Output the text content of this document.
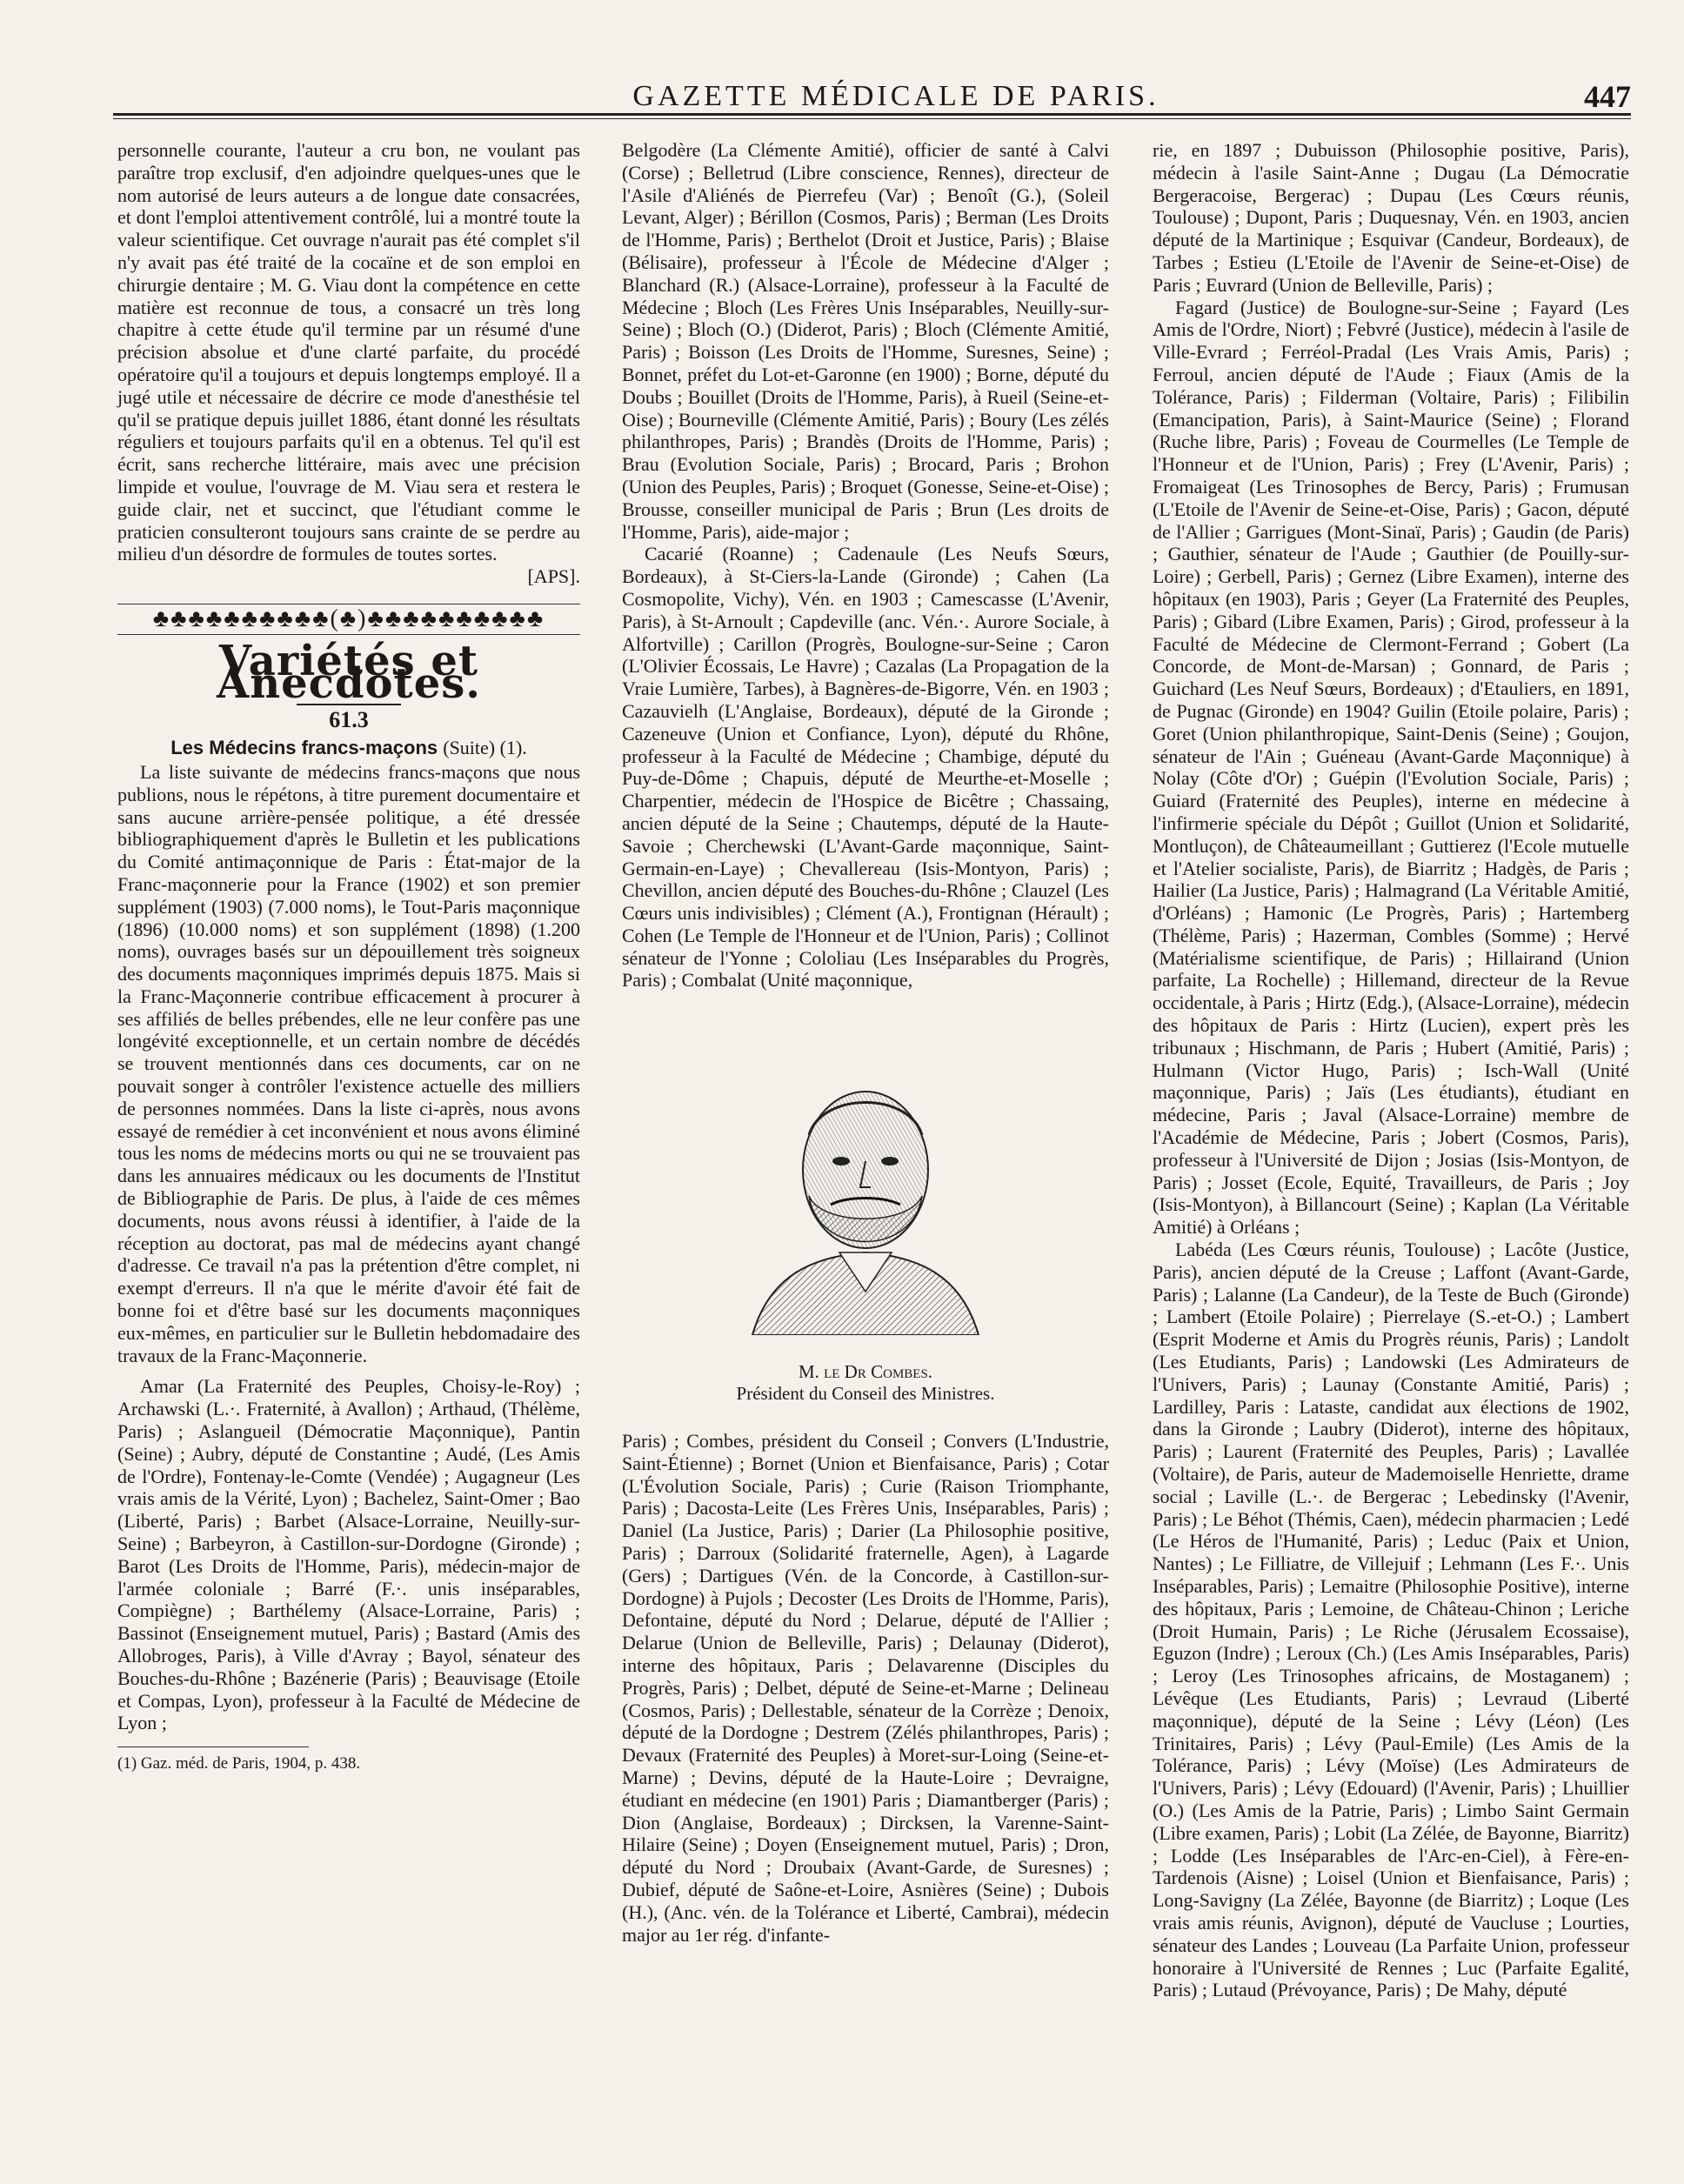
GAZETTE MÉDICALE DE PARIS.	447

personnelle courante, l'auteur a cru bon, ne voulant pas paraître trop exclusif, d'en adjoindre quelques-unes que le nom autorisé de leurs auteurs a de longue date consacrées, et dont l'emploi attentivement contrôlé, lui a montré toute la valeur scientifique. Cet ouvrage n'aurait pas été complet s'il n'y avait pas été traité de la cocaïne et de son emploi en chirurgie dentaire ; M. G. Viau dont la compétence en cette matière est reconnue de tous, a consacré un très long chapitre à cette étude qu'il termine par un résumé d'une précision absolue et d'une clarté parfaite, du procédé opératoire qu'il a toujours et depuis longtemps employé. Il a jugé utile et nécessaire de décrire ce mode d'anesthésie tel qu'il se pratique depuis juillet 1886, étant donné les résultats réguliers et toujours parfaits qu'il en a obtenus. Tel qu'il est écrit, sans recherche littéraire, mais avec une précision limpide et voulue, l'ouvrage de M. Viau sera et restera le guide clair, net et succinct, que l'étudiant comme le praticien consulteront toujours sans crainte de se perdre au milieu d'un désordre de formules de toutes sortes.

[APS].

♣♣♣♣♣♣♣♣♣♣(♣)♣♣♣♣♣♣♣♣♣♣
Variétés et Anecdotes.
61.3
Les Médecins francs-maçons (Suite) (1).

La liste suivante de médecins francs-maçons que nous publions, nous le répétons, à titre purement documentaire et sans aucune arrière-pensée politique, a été dressée bibliographiquement d'après le Bulletin et les publications du Comité antimaçonnique de Paris : État-major de la Franc-maçonnerie pour la France (1902) et son premier supplément (1903) (7.000 noms), le Tout-Paris maçonnique (1896) (10.000 noms) et son supplément (1898) (1.200 noms), ouvrages basés sur un dépouillement très soigneux des documents maçonniques imprimés depuis 1875. Mais si la Franc-Maçonnerie contribue efficacement à procurer à ses affiliés de belles prébendes, elle ne leur confère pas une longévité exceptionnelle, et un certain nombre de décédés se trouvent mentionnés dans ces documents, car on ne pouvait songer à contrôler l'existence actuelle des milliers de personnes nommées. Dans la liste ci-après, nous avons essayé de remédier à cet inconvénient et nous avons éliminé tous les noms de médecins morts ou qui ne se trouvaient pas dans les annuaires médicaux ou les documents de l'Institut de Bibliographie de Paris. De plus, à l'aide de ces mêmes documents, nous avons réussi à identifier, à l'aide de la réception au doctorat, pas mal de médecins ayant changé d'adresse. Ce travail n'a pas la prétention d'être complet, ni exempt d'erreurs. Il n'a que le mérite d'avoir été fait de bonne foi et d'être basé sur les documents maçonniques eux-mêmes, en particulier sur le Bulletin hebdomadaire des travaux de la Franc-Maçonnerie.

Amar (La Fraternité des Peuples, Choisy-le-Roy) ; Archawski (L.·. Fraternité, à Avallon) ; Arthaud, (Thélème, Paris) ; Aslangueil (Démocratie Maçonnique), Pantin (Seine) ; Aubry, député de Constantine ; Audé, (Les Amis de l'Ordre), Fontenay-le-Comte (Vendée) ; Augagneur (Les vrais amis de la Vérité, Lyon) ; Bachelez, Saint-Omer ; Bao (Liberté, Paris) ; Barbet (Alsace-Lorraine, Neuilly-sur-Seine) ; Barbeyron, à Castillon-sur-Dordogne (Gironde) ; Barot (Les Droits de l'Homme, Paris), médecin-major de l'armée coloniale ; Barré (F.·. unis inséparables, Compiègne) ; Barthélemy (Alsace-Lorraine, Paris) ; Bassinot (Enseignement mutuel, Paris) ; Bastard (Amis des Allobroges, Paris), à Ville d'Avray ; Bayol, sénateur des Bouches-du-Rhône ; Bazénerie (Paris) ; Beauvisage (Etoile et Compas, Lyon), professeur à la Faculté de Médecine de Lyon ;

(1) Gaz. méd. de Paris, 1904, p. 438.

Belgodère (La Clémente Amitié), officier de santé à Calvi (Corse) ; Belletrud (Libre conscience, Rennes), directeur de l'Asile d'Aliénés de Pierrefeu (Var) ; Benoît (G.), (Soleil Levant, Alger) ; Bérillon (Cosmos, Paris) ; Berman (Les Droits de l'Homme, Paris) ; Berthelot (Droit et Justice, Paris) ; Blaise (Bélisaire), professeur à l'École de Médecine d'Alger ; Blanchard (R.) (Alsace-Lorraine), professeur à la Faculté de Médecine ; Bloch (Les Frères Unis Inséparables, Neuilly-sur-Seine) ; Bloch (O.) (Diderot, Paris) ; Bloch (Clémente Amitié, Paris) ; Boisson (Les Droits de l'Homme, Suresnes, Seine) ; Bonnet, préfet du Lot-et-Garonne (en 1900) ; Borne, député du Doubs ; Bouillet (Droits de l'Homme, Paris), à Rueil (Seine-et-Oise) ; Bourneville (Clémente Amitié, Paris) ; Boury (Les zélés philanthropes, Paris) ; Brandès (Droits de l'Homme, Paris) ; Brau (Evolution Sociale, Paris) ; Brocard, Paris ; Brohon (Union des Peuples, Paris) ; Broquet (Gonesse, Seine-et-Oise) ; Brousse, conseiller municipal de Paris ; Brun (Les droits de l'Homme, Paris), aide-major ;

Cacarié (Roanne) ; Cadenaule (Les Neufs Sœurs, Bordeaux), à St-Ciers-la-Lande (Gironde) ; Cahen (La Cosmopolite, Vichy), Vén. en 1903 ; Camescasse (L'Avenir, Paris), à St-Arnoult ; Capdeville (anc. Vén.·. Aurore Sociale, à Alfortville) ; Carillon (Progrès, Boulogne-sur-Seine ; Caron (L'Olivier Écossais, Le Havre) ; Cazalas (La Propagation de la Vraie Lumière, Tarbes), à Bagnères-de-Bigorre, Vén. en 1903 ; Cazauvielh (L'Anglaise, Bordeaux), député de la Gironde ; Cazeneuve (Union et Confiance, Lyon), député du Rhône, professeur à la Faculté de Médecine ; Chambige, député du Puy-de-Dôme ; Chapuis, député de Meurthe-et-Moselle ; Charpentier, médecin de l'Hospice de Bicêtre ; Chassaing, ancien député de la Seine ; Chautemps, député de la Haute-Savoie ; Cherchewski (L'Avant-Garde maçonnique, Saint-Germain-en-Laye) ; Chevallereau (Isis-Montyon, Paris) ; Chevillon, ancien député des Bouches-du-Rhône ; Clauzel (Les Cœurs unis indivisibles) ; Clément (A.), Frontignan (Hérault) ; Cohen (Le Temple de l'Honneur et de l'Union, Paris) ; Collinot sénateur de l'Yonne ; Cololiau (Les Inséparables du Progrès, Paris) ; Combalat (Unité maçonnique,

M. le Dr Combes.
Président du Conseil des Ministres.

Paris) ; Combes, président du Conseil ; Convers (L'Industrie, Saint-Étienne) ; Bornet (Union et Bienfaisance, Paris) ; Cotar (L'Évolution Sociale, Paris) ; Curie (Raison Triomphante, Paris) ; Dacosta-Leite (Les Frères Unis, Inséparables, Paris) ; Daniel (La Justice, Paris) ; Darier (La Philosophie positive, Paris) ; Darroux (Solidarité fraternelle, Agen), à Lagarde (Gers) ; Dartigues (Vén. de la Concorde, à Castillon-sur-Dordogne) à Pujols ; Decoster (Les Droits de l'Homme, Paris), Defontaine, député du Nord ; Delarue, député de l'Allier ; Delarue (Union de Belleville, Paris) ; Delaunay (Diderot), interne des hôpitaux, Paris ; Delavarenne (Disciples du Progrès, Paris) ; Delbet, député de Seine-et-Marne ; Delineau (Cosmos, Paris) ; Dellestable, sénateur de la Corrèze ; Denoix, député de la Dordogne ; Destrem (Zélés philanthropes, Paris) ; Devaux (Fraternité des Peuples) à Moret-sur-Loing (Seine-et-Marne) ; Devins, député de la Haute-Loire ; Devraigne, étudiant en médecine (en 1901) Paris ; Diamantberger (Paris) ; Dion (Anglaise, Bordeaux) ; Dircksen, la Varenne-Saint-Hilaire (Seine) ; Doyen (Enseignement mutuel, Paris) ; Dron, député du Nord ; Droubaix (Avant-Garde, de Suresnes) ; Dubief, député de Saône-et-Loire, Asnières (Seine) ; Dubois (H.), (Anc. vén. de la Tolérance et Liberté, Cambrai), médecin major au 1er rég. d'infante-

rie, en 1897 ; Dubuisson (Philosophie positive, Paris), médecin à l'asile Saint-Anne ; Dugau (La Démocratie Bergeracoise, Bergerac) ; Dupau (Les Cœurs réunis, Toulouse) ; Dupont, Paris ; Duquesnay, Vén. en 1903, ancien député de la Martinique ; Esquivar (Candeur, Bordeaux), de Tarbes ; Estieu (L'Etoile de l'Avenir de Seine-et-Oise) de Paris ; Euvrard (Union de Belleville, Paris) ;

Fagard (Justice) de Boulogne-sur-Seine ; Fayard (Les Amis de l'Ordre, Niort) ; Febvré (Justice), médecin à l'asile de Ville-Evrard ; Ferréol-Pradal (Les Vrais Amis, Paris) ; Ferroul, ancien député de l'Aude ; Fiaux (Amis de la Tolérance, Paris) ; Filderman (Voltaire, Paris) ; Filibilin (Emancipation, Paris), à Saint-Maurice (Seine) ; Florand (Ruche libre, Paris) ; Foveau de Courmelles (Le Temple de l'Honneur et de l'Union, Paris) ; Frey (L'Avenir, Paris) ; Fromaigeat (Les Trinosophes de Bercy, Paris) ; Frumusan (L'Etoile de l'Avenir de Seine-et-Oise, Paris) ; Gacon, député de l'Allier ; Garrigues (Mont-Sinaï, Paris) ; Gaudin (de Paris) ; Gauthier, sénateur de l'Aude ; Gauthier (de Pouilly-sur-Loire) ; Gerbell, Paris) ; Gernez (Libre Examen), interne des hôpitaux (en 1903), Paris ; Geyer (La Fraternité des Peuples, Paris) ; Gibard (Libre Examen, Paris) ; Girod, professeur à la Faculté de Médecine de Clermont-Ferrand ; Gobert (La Concorde, de Mont-de-Marsan) ; Gonnard, de Paris ; Guichard (Les Neuf Sœurs, Bordeaux) ; d'Etauliers, en 1891, de Pugnac (Gironde) en 1904? Guilin (Etoile polaire, Paris) ; Goret (Union philanthropique, Saint-Denis (Seine) ; Goujon, sénateur de l'Ain ; Guéneau (Avant-Garde Maçonnique) à Nolay (Côte d'Or) ; Guépin (l'Evolution Sociale, Paris) ; Guiard (Fraternité des Peuples), interne en médecine à l'infirmerie spéciale du Dépôt ; Guillot (Union et Solidarité, Montluçon), de Châteaumeillant ; Guttierez (l'Ecole mutuelle et l'Atelier socialiste, Paris), de Biarritz ; Hadgès, de Paris ; Hailier (La Justice, Paris) ; Halmagrand (La Véritable Amitié, d'Orléans) ; Hamonic (Le Progrès, Paris) ; Hartemberg (Thélème, Paris) ; Hazerman, Combles (Somme) ; Hervé (Matérialisme scientifique, de Paris) ; Hillairand (Union parfaite, La Rochelle) ; Hillemand, directeur de la Revue occidentale, à Paris ; Hirtz (Edg.), (Alsace-Lorraine), médecin des hôpitaux de Paris : Hirtz (Lucien), expert près les tribunaux ; Hischmann, de Paris ; Hubert (Amitié, Paris) ; Hulmann (Victor Hugo, Paris) ; Isch-Wall (Unité maçonnique, Paris) ; Jaïs (Les étudiants), étudiant en médecine, Paris ; Javal (Alsace-Lorraine) membre de l'Académie de Médecine, Paris ; Jobert (Cosmos, Paris), professeur à l'Université de Dijon ; Josias (Isis-Montyon, de Paris) ; Josset (Ecole, Equité, Travailleurs, de Paris ; Joy (Isis-Montyon), à Billancourt (Seine) ; Kaplan (La Véritable Amitié) à Orléans ;

Labéda (Les Cœurs réunis, Toulouse) ; Lacôte (Justice, Paris), ancien député de la Creuse ; Laffont (Avant-Garde, Paris) ; Lalanne (La Candeur), de la Teste de Buch (Gironde) ; Lambert (Etoile Polaire) ; Pierrelaye (S.-et-O.) ; Lambert (Esprit Moderne et Amis du Progrès réunis, Paris) ; Landolt (Les Etudiants, Paris) ; Landowski (Les Admirateurs de l'Univers, Paris) ; Launay (Constante Amitié, Paris) ; Lardilley, Paris : Lataste, candidat aux élections de 1902, dans la Gironde ; Laubry (Diderot), interne des hôpitaux, Paris) ; Laurent (Fraternité des Peuples, Paris) ; Lavallée (Voltaire), de Paris, auteur de Mademoiselle Henriette, drame social ; Laville (L.·. de Bergerac ; Lebedinsky (l'Avenir, Paris) ; Le Béhot (Thémis, Caen), médecin pharmacien ; Ledé (Le Héros de l'Humanité, Paris) ; Leduc (Paix et Union, Nantes) ; Le Filliatre, de Villejuif ; Lehmann (Les F.·. Unis Inséparables, Paris) ; Lemaitre (Philosophie Positive), interne des hôpitaux, Paris ; Lemoine, de Château-Chinon ; Leriche (Droit Humain, Paris) ; Le Riche (Jérusalem Ecossaise), Eguzon (Indre) ; Leroux (Ch.) (Les Amis Inséparables, Paris) ; Leroy (Les Trinosophes africains, de Mostaganem) ; Lévêque (Les Etudiants, Paris) ; Levraud (Liberté maçonnique), député de la Seine ; Lévy (Léon) (Les Trinitaires, Paris) ; Lévy (Paul-Emile) (Les Amis de la Tolérance, Paris) ; Lévy (Moïse) (Les Admirateurs de l'Univers, Paris) ; Lévy (Edouard) (l'Avenir, Paris) ; Lhuillier (O.) (Les Amis de la Patrie, Paris) ; Limbo Saint Germain (Libre examen, Paris) ; Lobit (La Zélée, de Bayonne, Biarritz) ; Lodde (Les Inséparables de l'Arc-en-Ciel), à Fère-en-Tardenois (Aisne) ; Loisel (Union et Bienfaisance, Paris) ; Long-Savigny (La Zélée, Bayonne (de Biarritz) ; Loque (Les vrais amis réunis, Avignon), député de Vaucluse ; Lourties, sénateur des Landes ; Louveau (La Parfaite Union, professeur honoraire à l'Université de Rennes ; Luc (Parfaite Egalité, Paris) ; Lutaud (Prévoyance, Paris) ; De Mahy, député
